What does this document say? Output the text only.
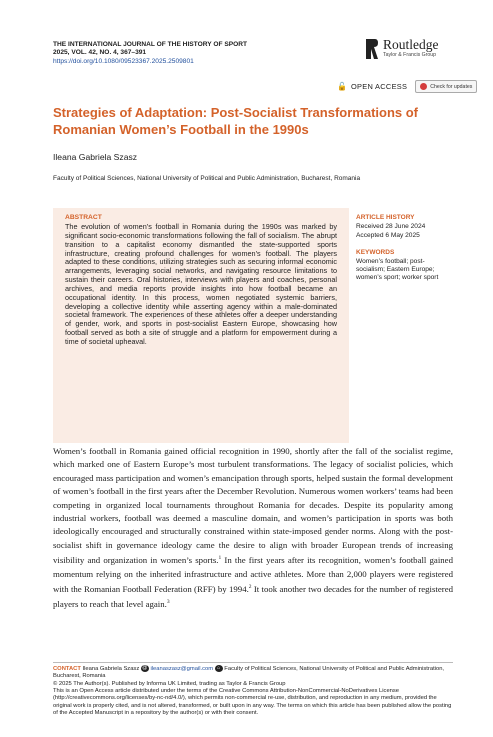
THE INTERNATIONAL JOURNAL OF THE HISTORY OF SPORT
2025, VOL. 42, NO. 4, 367–391
https://doi.org/10.1080/09523367.2025.2509801
Routledge
Taylor & Francis Group
🔓 OPEN ACCESS	Check for updates
Strategies of Adaptation: Post-Socialist Transformations of Romanian Women’s Football in the 1990s
Ileana Gabriela Szasz
Faculty of Political Sciences, National University of Political and Public Administration, Bucharest, Romania
ABSTRACT
The evolution of women’s football in Romania during the 1990s was marked by significant socio-economic transformations following the fall of socialism. The abrupt transition to a capitalist economy dismantled the state-supported sports infrastructure, creating profound challenges for women’s football. The players adapted to these conditions, utilizing strategies such as securing informal economic arrangements, leveraging social networks, and navigating resource limitations to sustain their careers. Oral histories, interviews with players and coaches, personal archives, and media reports provide insights into how football became an occupational identity. In this process, women negotiated systemic barriers, developing a collective identity while asserting agency within a male-dominated societal framework. The experiences of these athletes offer a deeper understanding of gender, work, and sports in post-socialist Eastern Europe, showcasing how football served as both a site of struggle and a platform for empowerment during a time of societal upheaval.
ARTICLE HISTORY
Received 28 June 2024
Accepted 6 May 2025
KEYWORDS
Women’s football; post-socialism; Eastern Europe; women’s sport; worker sport
Women’s football in Romania gained official recognition in 1990, shortly after the fall of the socialist regime, which marked one of Eastern Europe’s most turbulent transformations. The legacy of socialist policies, which encouraged mass participation and women’s emancipation through sports, helped sustain the formal development of women’s football in the first years after the December Revolution. Numerous women workers’ teams had been competing in organized local tournaments throughout Romania for decades. Despite its popularity among industrial workers, football was deemed a masculine domain, and women’s participation in sports was both ideologically encouraged and structurally constrained within state-imposed gender norms. Along with the post-socialist shift in governance ideology came the desire to align with broader European trends of increasing visibility and organization in women’s sports.$^1$ In the first years after its recognition, women’s football gained momentum relying on the inherited infrastructure and active athletes. More than 2,000 players were registered with the Romanian Football Federation (RFF) by 1994.$^2$ It took another two decades for the number of registered players to reach that level again.$^3$
CONTACT Ileana Gabriela Szasz @ ileanaszasz@gmail.com ⌂ Faculty of Political Sciences, National University of Political and Public Administration, Bucharest, Romania
© 2025 The Author(s). Published by Informa UK Limited, trading as Taylor & Francis Group
This is an Open Access article distributed under the terms of the Creative Commons Attribution-NonCommercial-NoDerivatives License (http://creativecommons.org/licenses/by-nc-nd/4.0/), which permits non-commercial re-use, distribution, and reproduction in any medium, provided the original work is properly cited, and is not altered, transformed, or built upon in any way. The terms on which this article has been published allow the posting of the Accepted Manuscript in a repository by the author(s) or with their consent.
